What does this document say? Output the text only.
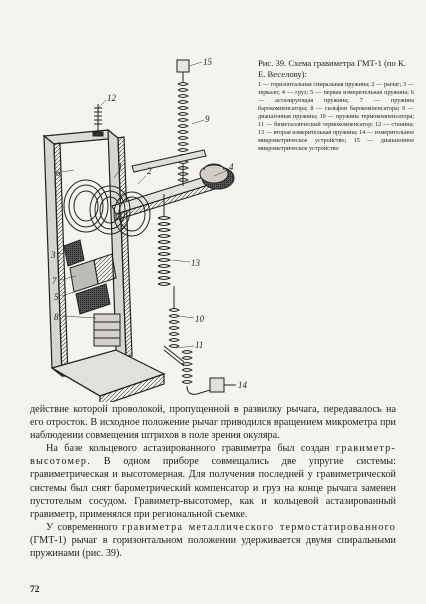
12
6
1	2
3
7
5
8
9
4
13
10
11
14
15	Рис. 39. Схема гравиметра ГМТ-1 (по К. Е. Веселову):
1 — горизонтальная спиральная пружина; 2 — рычаг; 3 — зеркало; 4 — груз; 5 — первая измерительная пружина; 6 — астазирующая пружина; 7 — пружина барокомпенсатора; 8 — сильфон барокомпенсатора; 9 — диапазонная пружина; 10 — пружина термокомпенсатора; 11 — биметаллический термокомпенсатор; 12 — станина; 13 — вторая измерительная пружина; 14 — измерительное микрометрическое устройство; 15 — диапазонное микрометрическое устройство

действие которой проволокой, пропущенной в развилку рычага, передавалось на его отросток. В исходное положение рычаг приводился вращением микрометра при наблюдении совмещения штрихов в поле зрения окуляра.

На базе кольцевого астазированного гравиметра был создан гравиметр-высотомер. В одном приборе совмещались две упругие системы: гравиметрическая и высотомерная. Для получения последней у гравиметрической системы был снят барометрический компенсатор и груз на конце рычага заменен пустотелым сосудом. Гравиметр-высотомер, как и кольцевой астазированный гравиметр, применялся при региональной съемке.

У современного гравиметра металлического термостатированного (ГМТ-1) рычаг в горизонтальном положении удерживается двумя спиральными пружинами (рис. 39).

72
